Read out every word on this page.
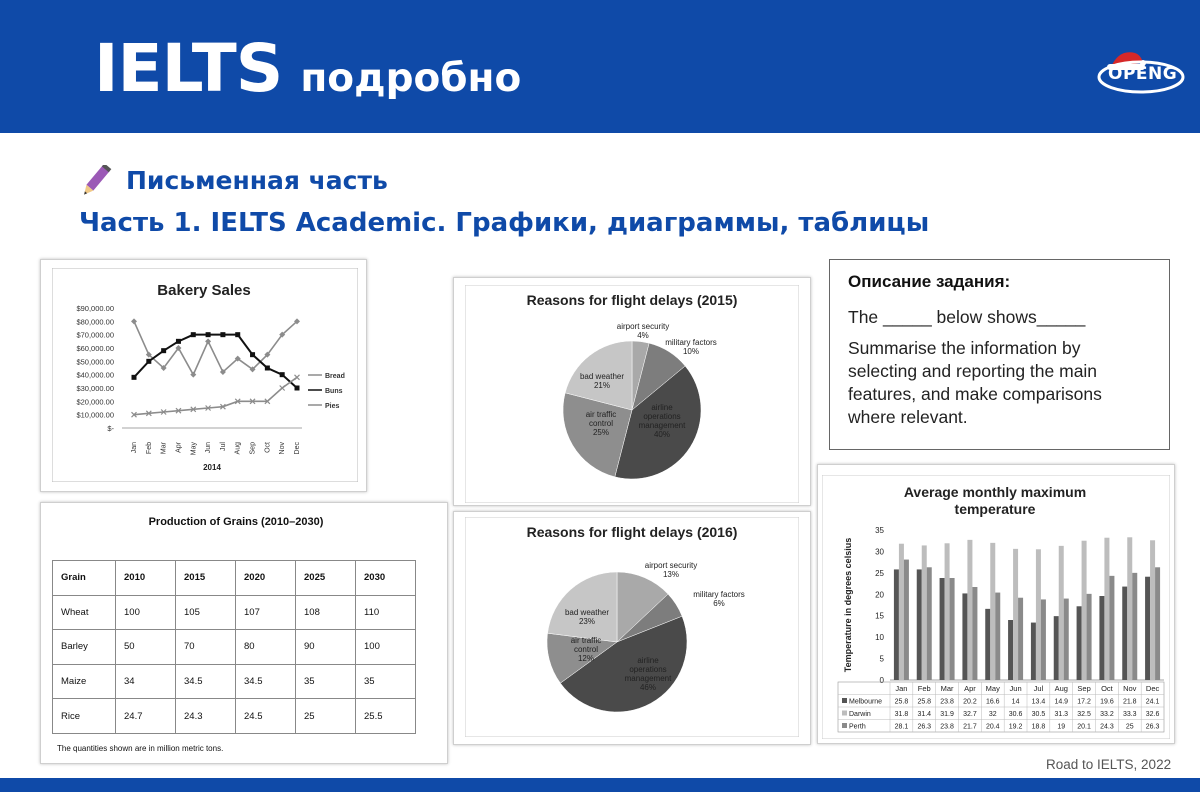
IELTS подробно	OPENG
Письменная часть
Часть 1. IELTS Academic. Графики, диаграммы, таблицы
Bakery Sales
$90,000.00
$80,000.00
$70,000.00
$60,000.00
$50,000.00
$40,000.00
$30,000.00
$20,000.00
$10,000.00
$-
Jan Feb Mar Apr May Jun Jul Aug Sep Oct Nov Dec
Bread
Buns
Pies
2014
Production of Grains (2010–2030)
Grain	2010	2015	2020	2025	2030
Wheat	100	105	107	108	110
Barley	50	70	80	90	100
Maize	34	34.5	34.5	35	35
Rice	24.7	24.3	24.5	25	25.5
The quantities shown are in million metric tons.
Reasons for flight delays (2015)
airport security
4%
military factors
10%
airline
operations
management
40%
air traffic
control
25%
bad weather
21%
Reasons for flight delays (2016)
airport security
13%
military factors
6%
airline
operations
management
46%
air traffic
control
12%
bad weather
23%
Описание задания:
The _____ below shows_____
Summarise the information by selecting and reporting the main features, and make comparisons where relevant.
Average monthly maximum
temperature
Temperature in degrees celsius
35
30
25
20
15
10
5
0
Jan Feb Mar Apr May Jun Jul Aug Sep Oct Nov Dec
Melbourne 25.8 25.8 23.8 20.2 16.6 14 13.4 14.9 17.2 19.6 21.8 24.1
Darwin	31.8 31.4 31.9 32.7 32 30.6 30.5 31.3 32.5 33.2 33.3 32.6
Perth	28.1 26.3 23.8 21.7 20.4 19.2 18.8 19 20.1 24.3 25 26.3
Road to IELTS, 2022
